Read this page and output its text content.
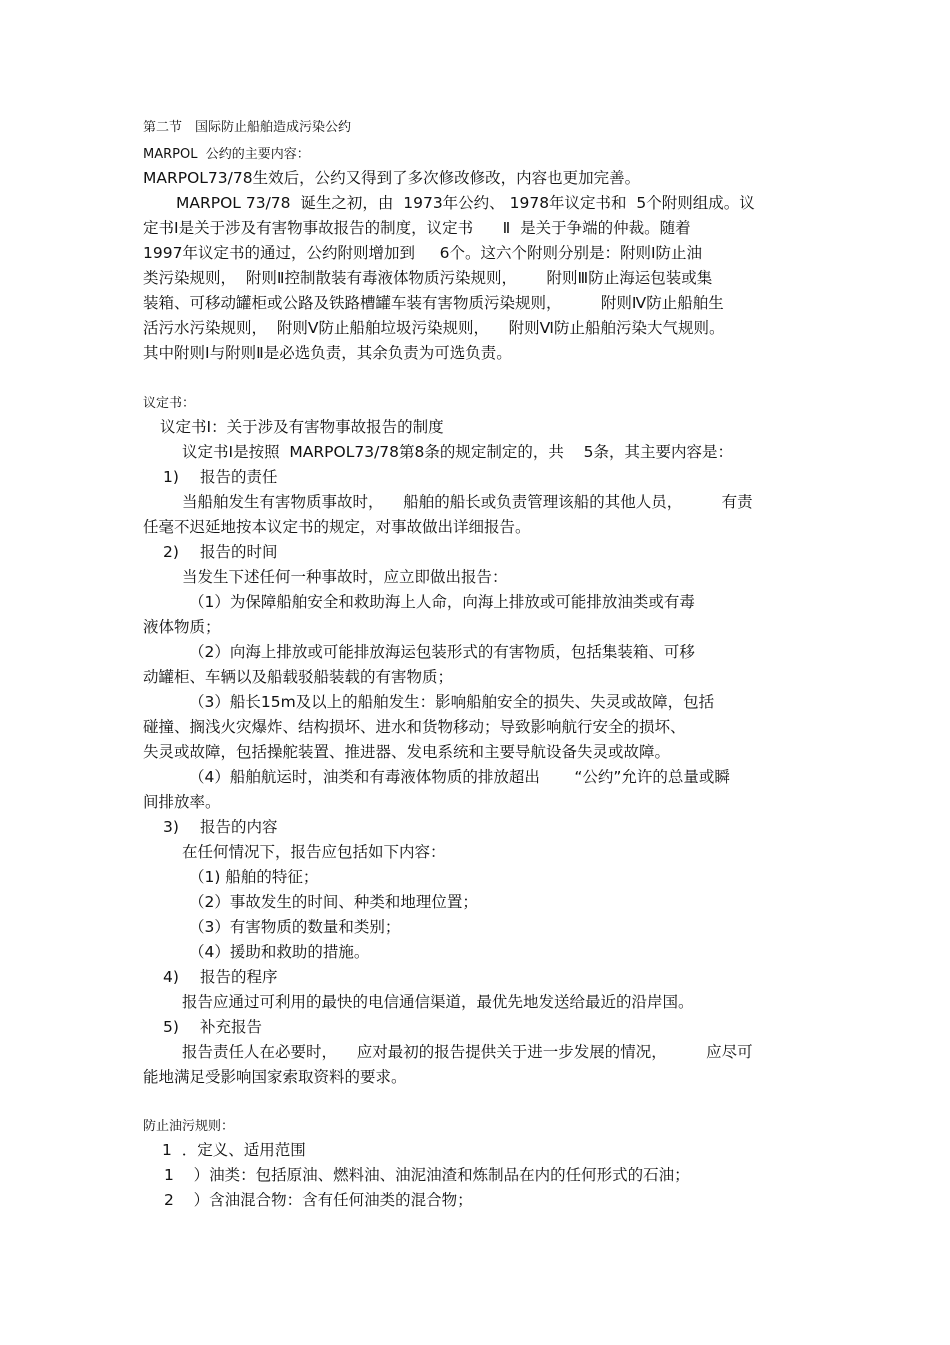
第二节　国际防止船舶造成污染公约
MARPOL  公约的主要内容：
MARPOL73/78生效后，公约又得到了多次修改修改，内容也更加完善。
MARPOL 73/78  诞生之初，由  1973年公约、 1978年议定书和  5个附则组成。议
定书Ⅰ是关于涉及有害物事故报告的制度，议定书      Ⅱ  是关于争端的仲裁。随着
1997年议定书的通过，公约附则增加到     6个。这六个附则分别是：附则Ⅰ防止油
类污染规则，  附则Ⅱ控制散装有毒液体物质污染规则，      附则Ⅲ防止海运包装或集
装箱、可移动罐柜或公路及铁路槽罐车装有害物质污染规则，        附则Ⅳ防止船舶生
活污水污染规则，  附则Ⅴ防止船舶垃圾污染规则，    附则Ⅵ防止船舶污染大气规则。
其中附则Ⅰ与附则Ⅱ是必选负责，其余负责为可选负责。
议定书：
议定书Ⅰ：关于涉及有害物事故报告的制度
议定书Ⅰ是按照  MARPOL73/78第8条的规定制定的，共    5条，其主要内容是：
1) 报告的责任
当船舶发生有害物质事故时，    船舶的船长或负责管理该船的其他人员，        有责
任毫不迟延地按本议定书的规定，对事故做出详细报告。
2) 报告的时间
当发生下述任何一种事故时，应立即做出报告：
（1）为保障船舶安全和救助海上人命，向海上排放或可能排放油类或有毒
液体物质；
（2）向海上排放或可能排放海运包装形式的有害物质，包括集装箱、可移
动罐柜、车辆以及船载驳船装载的有害物质；
（3）船长15m及以上的船舶发生：影响船舶安全的损失、失灵或故障，包括
碰撞、搁浅火灾爆炸、结构损坏、进水和货物移动；导致影响航行安全的损坏、
失灵或故障，包括操舵装置、推进器、发电系统和主要导航设备失灵或故障。
（4）船舶航运时，油类和有毒液体物质的排放超出       “公约”允许的总量或瞬
间排放率。
3) 报告的内容
在任何情况下，报告应包括如下内容：
（1) 船舶的特征；
（2）事故发生的时间、种类和地理位置；
（3）有害物质的数量和类别；
（4）援助和救助的措施。
4) 报告的程序
报告应通过可利用的最快的电信通信渠道，最优先地发送给最近的沿岸国。
5) 补充报告
报告责任人在必要时，    应对最初的报告提供关于进一步发展的情况，        应尽可
能地满足受影响国家索取资料的要求。
防止油污规则：
1  ．定义、适用范围
1    ）油类：包括原油、燃料油、油泥油渣和炼制品在内的任何形式的石油；
2    ）含油混合物：含有任何油类的混合物；
